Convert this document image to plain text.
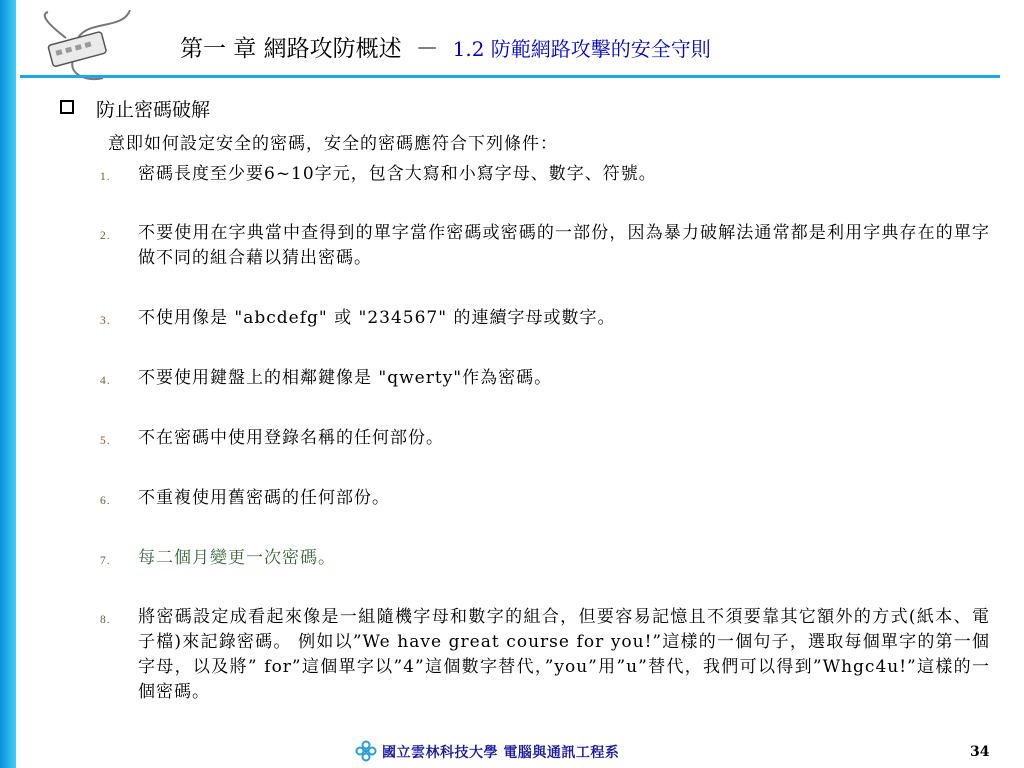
第一 章 網路攻防概述 － 1.2 防範網路攻擊的安全守則
防止密碼破解
意即如何設定安全的密碼，安全的密碼應符合下列條件：
1. 密碼長度至少要6~10字元，包含大寫和小寫字母、數字、符號。
2. 不要使用在字典當中查得到的單字當作密碼或密碼的一部份，因為暴力破解法通常都是利用字典存在的單字做不同的組合藉以猜出密碼。
3. 不使用像是 "abcdefg" 或 "234567" 的連續字母或數字。
4. 不要使用鍵盤上的相鄰鍵像是 "qwerty"作為密碼。
5. 不在密碼中使用登錄名稱的任何部份。
6. 不重複使用舊密碼的任何部份。
7. 每二個月變更一次密碼。
8. 將密碼設定成看起來像是一組隨機字母和數字的組合，但要容易記憶且不須要靠其它額外的方式(紙本、電子檔)來記錄密碼。 例如以”We have great course for you!”這樣的一個句子，選取每個單字的第一個字母，以及將” for”這個單字以”4”這個數字替代，”you”用”u”替代，我們可以得到”Whgc4u!”這樣的一個密碼。
國立雲林科技大學 電腦與通訊工程系	34
